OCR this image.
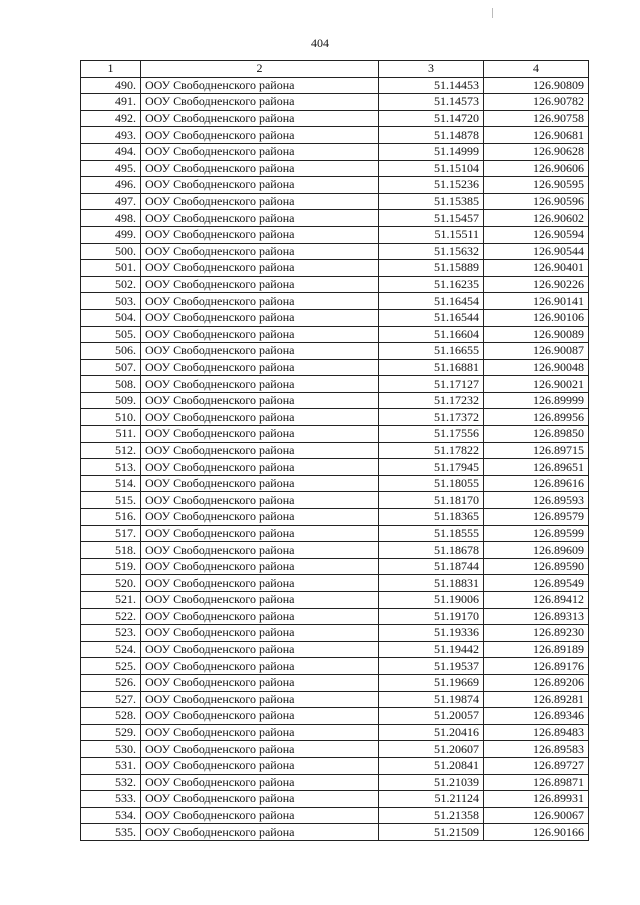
404
1	2	3	4
490.	ООУ Свободненского района	51.14453	126.90809
491.	ООУ Свободненского района	51.14573	126.90782
492.	ООУ Свободненского района	51.14720	126.90758
493.	ООУ Свободненского района	51.14878	126.90681
494.	ООУ Свободненского района	51.14999	126.90628
495.	ООУ Свободненского района	51.15104	126.90606
496.	ООУ Свободненского района	51.15236	126.90595
497.	ООУ Свободненского района	51.15385	126.90596
498.	ООУ Свободненского района	51.15457	126.90602
499.	ООУ Свободненского района	51.15511	126.90594
500.	ООУ Свободненского района	51.15632	126.90544
501.	ООУ Свободненского района	51.15889	126.90401
502.	ООУ Свободненского района	51.16235	126.90226
503.	ООУ Свободненского района	51.16454	126.90141
504.	ООУ Свободненского района	51.16544	126.90106
505.	ООУ Свободненского района	51.16604	126.90089
506.	ООУ Свободненского района	51.16655	126.90087
507.	ООУ Свободненского района	51.16881	126.90048
508.	ООУ Свободненского района	51.17127	126.90021
509.	ООУ Свободненского района	51.17232	126.89999
510.	ООУ Свободненского района	51.17372	126.89956
511.	ООУ Свободненского района	51.17556	126.89850
512.	ООУ Свободненского района	51.17822	126.89715
513.	ООУ Свободненского района	51.17945	126.89651
514.	ООУ Свободненского района	51.18055	126.89616
515.	ООУ Свободненского района	51.18170	126.89593
516.	ООУ Свободненского района	51.18365	126.89579
517.	ООУ Свободненского района	51.18555	126.89599
518.	ООУ Свободненского района	51.18678	126.89609
519.	ООУ Свободненского района	51.18744	126.89590
520.	ООУ Свободненского района	51.18831	126.89549
521.	ООУ Свободненского района	51.19006	126.89412
522.	ООУ Свободненского района	51.19170	126.89313
523.	ООУ Свободненского района	51.19336	126.89230
524.	ООУ Свободненского района	51.19442	126.89189
525.	ООУ Свободненского района	51.19537	126.89176
526.	ООУ Свободненского района	51.19669	126.89206
527.	ООУ Свободненского района	51.19874	126.89281
528.	ООУ Свободненского района	51.20057	126.89346
529.	ООУ Свободненского района	51.20416	126.89483
530.	ООУ Свободненского района	51.20607	126.89583
531.	ООУ Свободненского района	51.20841	126.89727
532.	ООУ Свободненского района	51.21039	126.89871
533.	ООУ Свободненского района	51.21124	126.89931
534.	ООУ Свободненского района	51.21358	126.90067
535.	ООУ Свободненского района	51.21509	126.90166
